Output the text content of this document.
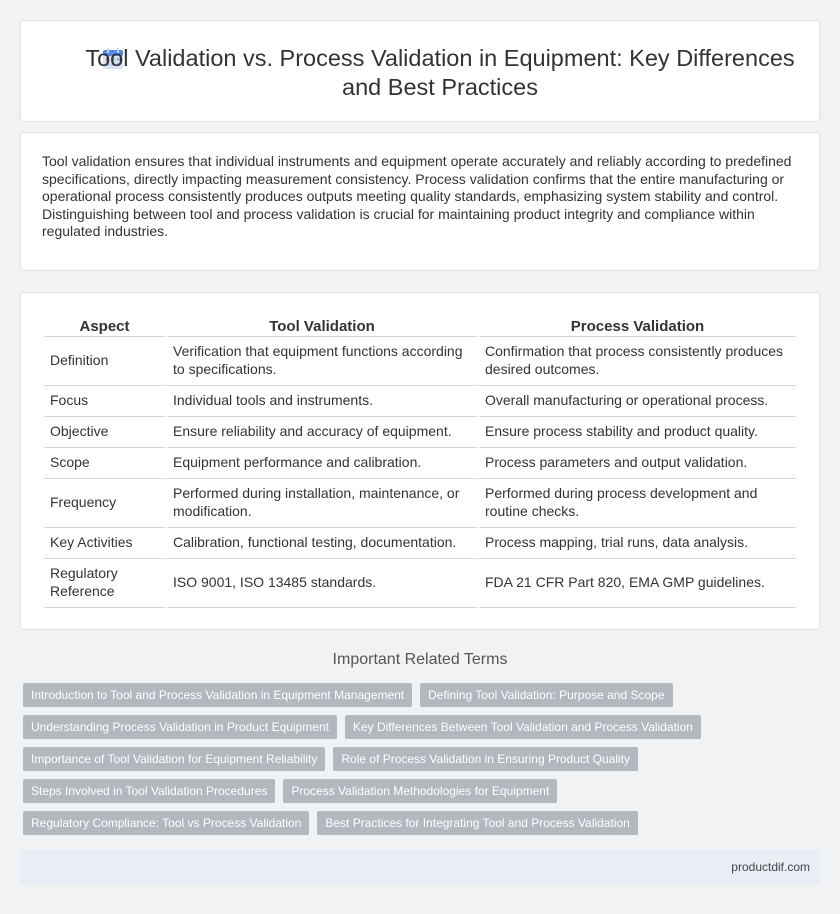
Tool Validation vs. Process Validation in Equipment: Key Differences and Best Practices

Tool validation ensures that individual instruments and equipment operate accurately and reliably according to predefined specifications, directly impacting measurement consistency. Process validation confirms that the entire manufacturing or operational process consistently produces outputs meeting quality standards, emphasizing system stability and control. Distinguishing between tool and process validation is crucial for maintaining product integrity and compliance within regulated industries.

Aspect	Tool Validation	Process Validation
Definition	Verification that equipment functions according to specifications.	Confirmation that process consistently produces desired outcomes.
Focus	Individual tools and instruments.	Overall manufacturing or operational process.
Objective	Ensure reliability and accuracy of equipment.	Ensure process stability and product quality.
Scope	Equipment performance and calibration.	Process parameters and output validation.
Frequency	Performed during installation, maintenance, or modification.	Performed during process development and routine checks.
Key Activities	Calibration, functional testing, documentation.	Process mapping, trial runs, data analysis.
Regulatory Reference	ISO 9001, ISO 13485 standards.	FDA 21 CFR Part 820, EMA GMP guidelines.
Important Related Terms
Introduction to Tool and Process Validation in Equipment Management	Defining Tool Validation: Purpose and Scope
Understanding Process Validation in Product Equipment	Key Differences Between Tool Validation and Process Validation
Importance of Tool Validation for Equipment Reliability	Role of Process Validation in Ensuring Product Quality
Steps Involved in Tool Validation Procedures	Process Validation Methodologies for Equipment
Regulatory Compliance: Tool vs Process Validation	Best Practices for Integrating Tool and Process Validation
productdif.com
